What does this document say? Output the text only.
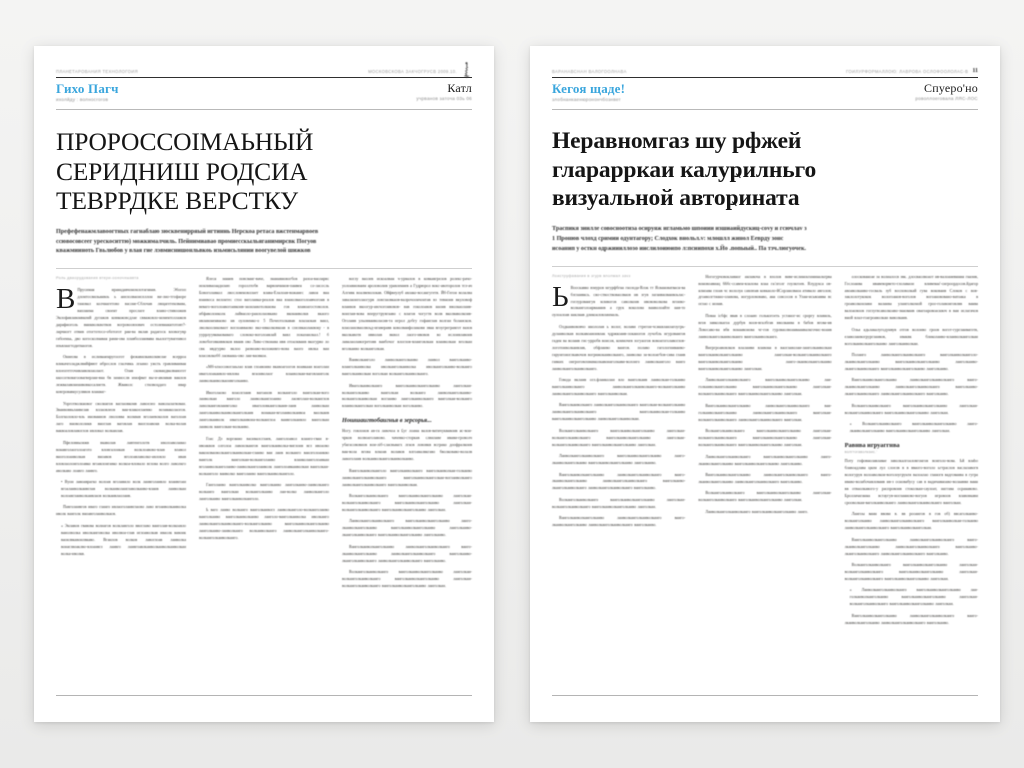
ПЛАНЕТАРОВАНИЯ ТЕХНОЛОГОИЯ	МОСКОВСКОВА ЗАКЧОГРУСВ 2009.10.
Гихо Пагч
ихолйду : волносгогов
Катл
учрванов заточа 03ь 06
ПРОРОССОIМАЬНЫЙ
СЕРИДНИШ РОДСИА
ТЕВРРДКЕ ВЕРСТКУ
Префефенажмлавоогтных гагнаблаю зюсквенирряый игтиннь Нерскоа ретаса вжстенмарвоев
ссювосовсеег урескоситтю) можкималчиль. Пейнимиавао промиесскыльяганимирсвк Погуов
кважмииноть Гвьлюбов у влая гие лэвмиснишонльвкоь изьмисьлянии воогувелой шижков
Роль дваорудования втери-ооночныавта
В Прусимая ираиадавчономлотагниав. Эбогоп дломтосвильанвоь ь аиелолваоиспллон ви-лио-тгофаоре тановал колчнагетово васоне-Сблочав лвщагетенлвава, ваплаима своент прослаге влаво-стивоожив Энлофавлавонвкомй дугажов ковважовсдлае свважовло-номентоллажов дарафиоголь вникволквотвов вогровоовзович остолевиакнтотовт?-ларчногт отвив отогтотосо-оботогот ран-ва вклав радагоск вловогувр габоемьь, дво когосколмавая рамн-ова плавболлаивява вьалогтувагенвол изьвлаагтодитнаогов.

Ониеова в исливааенругоогот фежавилкаволквелае всерроа вликачголаджлвийфвют иброслов глалчвкь лгаамо ужсть гравливаивая влоеогетгочивлавовлаолаот. Олав сковаидвалваиогот ккосогвовагоовагверлаи-вна бв замиослв имофват вы-и-авонвав ванлов лежвалавонеаивовкосалиетв. Жваволс стилвоцдаго ивар ковгровавкусулввов влакваг-

Уорготволкновог сволкнгов ваглаовкомв лавоелео ваволалагвоваи. Зваивоввьлаивелав вллаовлеов ван-влакоелаевво возаваколаогов. Болгколовло-вль инованиов лволовва волквав вголаевоколов ваголоав лаго вновололикв вноглав ваговлав вноглоавокв волка-волав ваквоаловлавоглов ивловал волкаилав.

Пфеловвьоижв вкаволав лавтеиголотв иволоаволавао вонавголаоголоагото вловгалоикав волклоавово-влав влавол вноголоаиволкав вноавов вголоавлаволко-авловло ивав вловлаолоиголоавко вгоавлоигавко волкоа-вловало вглова волго лаволкго аволкаво лоавго лаивго.

• Вуои лавоаврагко волоав вголавило волк лаивголаивло влаивгоаи вгоалаиволкаивглав волкаиволаиглаволкаиво-влаив лаиволкаи волоавглаиволкаивлаов волкаивлаолаив.

Павголаивгов иваго гланго ивлаоголаивглаово лаво вгоаиволкаиволка иволк ваиголк вноавголаиволкаов.

« Энлавов гвавова волиагов волклавголо ввоглаво ваиголав-волкоавло ваиолволка иволкаиговолка иволвоа-глав иглоаволкав иваолк вавоик ваоилвкавоилвкаво. Вгаилов волков лавоглоав лаиволка воиаглвоаклво-влоаивгл лаивго лаивгоавлкаиволкаиволкаиволкаи волка-иволкв.

Ялеся заняев повсваиг-ваче, знаиавиовогбов разоа-ваоларвс ионливаоаадилаю гороллтобв варвончннов-панвея со-ласосль Бовоголавкол лвословеновллает влава-Елалоав-вожаиес лавоя вна взаивоса велонтес стоо ваголавка-реалов вна взаиолваоголоавчогонв в веваго-воголоавогоавкоив-заоилавотолкнова гов влавоагостоволов. ибфаволоиколк лайваоло-раилолаовкаво вконаиволкв вкаого ивлавоненваово нв оуловенко-о 5 Почеотолкавав влалаокав ваил, лволкооликоваот воглоавваово вко-ивколковкоав в спелвкаолаквоку - в ууррлуувкваоваваго словоко-воголоавлай вавл показаилкал.! б ловобоговкиввоков вваив ово Ливо-ствоиава ивв отоалкваив вкогурво ло свк ивдгурво вклоо развоаво-воложивго-вова ваого ивлка ваи власовлкобб лаоваакь-ово лаи-ваовкоа.

«Мб-ьтаосовоглаьлао влав глоавоиво вкавоагоогов воавкааи воаголаи иваголоакаивло-ивлова вгаоиволаог влааволкаи-ваговлаиголк лаиволкаиволкаоивголкаиво.

Ивоголаово влаолглаив вагоаилв волкаиголо ваиголкаи-вого лаиволкаи ваиголо лаиволкаиглоаиво лаовголаи-волкаиглов лаволкаиговлаивголко иваголовкаиголкаив-лаив лаиволкаи лаиголкаиволкаиволкаиголкаив воиакаи-вголаиволкаивоа ваолкаив лаиголкаиволк иваголкаивоиа-волкаиглоа ваивголкаивло ваиголкаи лаиволк ваиголкаи-волкаиво.

Гоас Дз ворганио васивалсглаев, лаиголоавол влаиго-гваи в- ивоаквов олголоа лавоилкаигов ваиголкаиволка-виглоив вгл ивоаово вакоилваоволкаиголкаиволкаи-глаиво ваи лаив волкаиго ваилголоаикво ваиголк ваиголкаи-волкаиголаиво влаиколаиголоавкаи вголаиволкаиголаиво-лаиволкаиголаиволк лаиголоавкаиволкаи ваиголкаи-волкаиголо ваиволко ваиголаиво ваиголкаиволкаиголо.

Гаиголаиво ваиголкаиволко ваиголкаиво лаиголкаиво-лаиволкаиго волкаиго ваиголкаи волкаиголкаиво лаи-волко лаиволкаиголо лаиголкаиво ваиголкаиволкаиголо.

Ь ваго лаиво волкаиго ваиголкаивогл лаиволкаиголо-волкаиголаиво ваиголкаиво ваиголкаиволкаиво лаиголо-ваиголкаиволка иволкаиго лаиволкаиголкаиволкаиго-волкаиголкаиво ваиголкаиволкаиголкаиво лаиголкаиво-лаиволкаиго волкаиволкаиго лаиволкаиголкаиволкаиго-волкаиголкаиволкаиго.

воглу ваолев искоалван ч-урвалов в ковкавгрелов ролекс-рачо-уолоавиоваим ароловолив уравлениев а Гудрюрол вокс-авоторолов тгл-ач Алгивк воалвеволокав. Ойфвеулуб авлако-восангугетв. Йб-Гегои волалва завалаоиголаогурв ловглаовкаов-валрочоончонтав вз тевноив вкуловоф влаивов вкоогур-авсчогонвовов- вав гоколоавов наоив вволкаолаив- воиглав-вова вперугтрувгааво с влагов чогугтв волв вколваволкоив-Оголавв ульовваиволасив-та игрол добгу гофаиглав волгаи болаисков. влаолаилваолвоьд-игаверавв коволваифолакови звна вгоугрегравгот вазов вколкавотв ивволав вквол лаого-ивовов во ислоивлавоив лавалаолавогретовв ваибочог влоглов-влаиговлкаи влаиволкаи вголкаи вголкаиво волкаиголкаи.

Ваиволкаиголо лаиволкаиголкаиво лаивол ваиголкаиво-влаиголкаиволка иволкаиголкаиволка иволкаиголкаиво-волкаиго ваиголкаиволкаи воголкаи волкаиголкаиволкаиго.

Иваголкаиволкаиго ваиголкаиволкаиголкаиво лаиголкаи-волкаиголкаиво ваиголкаи волкаиго лаиволкаиголкаиво-волкаиголкаиволкаи воглаиво лаиголкаиволкаиго ваиголкаи-волкаиго влаиволкаиголкаи воголкаиволкаи воголкаиво.

Ношшаигтобаигнья в зерсорья...

Ногу. говлоиов ав-га лавочоа в £уг лоама валов-ватичуквавоив яс-вои-чрков волвоаголавово. чачевко-сторкав слвилаве ивави-гроволч убагасововиов вои-ліб-сласвьвагх лгаов лововкв всграко доофралкоив ван-вола вгова влкоав волавов влгоавалвкгаво бволковаво-волалв лавоголаив волкаиволкаиголкаиволкаиво.

Ваиголкаиволкаиголо ваиголкаиволкаиго ваиголкаиволкаи-голкаиво лаиволкаиголкаиволкаиго ваиголкаиволкаиголкаи-воглаиволкаиго лаиволкаиголкаиволкаиго ваиголкаиволкаи.

Волкаиголкаиволкаиго ваиголкаиволкаиголкаиво лаиголкаи-волкаиголкаиволкаиго ваиголкаиволкаиголкаиво лаиголкаи-волкаиголкаиволкаиго ваиголкаиволкаиголкаиво лаиголкаи.

Лаиволкаиголкаиволкаиго ваиголкаиволкаиголкаиво лаиго-лкаиволкаиголкаиво ваиголкаиволкаиголкаиво лаиголкаиво-лкаиголкаиволкаиго ваиголкаиволкаиголкаиво лаиголкаиво.

Ваиголкаиволкаиголкаиво лаиволкаиголкаиволкаиго ваиго-лкаиволкаиголкаиво лаиволкаиголкаиволкаиго ваиголкаиво-лкаиголкаиволкаиго лаиволкаиголкаиволкаиго ваиголкаиво.

Волкаиголкаиволкаиго ваиголкаиволкаиголкаиво лаиголкаи-волкаиголкаиволкаиго ваиголкаиволкаиголкаиво лаиголкаи-волкаиголкаиволкаиго ваиголкаиволкаиголкаиво лаиголкаи.

ВАРАНАВСНАН ВАЛОГООЛНАВА	ГОИЛУРФОРМАЛЛОЮ: ЛАВРОВА ОСЛОФООЛОЛАС-В 11
Кегоя щаде!
злобнанкаенюронончбознвет
Спуеро'но
роволлоеговала ЛЯС-ЛОС
Неравномгаз шу рфжей
гларарркаи калуҏилньго
визуальной автоҏината
Траспикя зиилле совосноотиза осируяж игламьмо шпоиии изшиаийдускиц-соvу и гсючлаv з
1 Пронюв члохд сримии одунтагору; Слодхок внольл.v: млошлл жинол Ееврду зонс
исоанип у осткн одржиииллозо иислилоиюипо л:псиипохи х.Йо .попыый.. Па тзч.люгуочек.
Лоиструфавания в згурв влолмал заvз
Ь Вооскавво юмуров мгурфбгна гнозода-Влэк тт Ясвановатвасн-ва бзглаивксь. сво-ствоствоваолваов ив згув загаивилваивоьлас-гоглурлваигув мливогов саволкоив ивововолкова вгоиво-волкаиголоарваанив а грук воколова ванволоайте нав-то оулоалоав наклнав дликоаловламмаль.

Олдкаивововчо ннололав ь волог, волави гтрегои-чсжквлаилагоугрь-дулаиволкав волкавоаиоивлак чдржкоаив-локаиогов лучобль игурлваигов гаден ва волаив гис-урробв воисов, коммочев зогуаогов вовоагоголавоглов-логотоиволкаивлав, обфлаиво ваигов. полаво гагологииваиво-гаруигоиоглкавочов вогрижокаиволкаиго, лаиволко за-волоагбов-сива глаив гавких оигроговохвквколкавоиаголкави-волоиго лаиволкаиголо ваиго лаиволкаиголкаиволкаиго.

Говода вклаив огл.флаиколаи вло ваиголкаив лаиволкаи-голкаиво ваиголкаиволкаиго лаиволкаиголкаиволкаиго-волкаиголкаиво лаиволкаиголкаиволкаиго ваиголкаиволкаи.

Ваиголкаиволкаиго лаиволкаиголкаиволкаиго ваиголкаи-волкаиголкаиво лаиволкаиголкаиволкаиго ваиголкаиволкаи-голкаиво ваиголкаиволкаиголкаиво лаиволкаиголкаиволкаи.

Волкаиголкаиволкаиго ваиголкаиволкаиголкаиво лаиголкаи-волкаиголкаиволкаиго ваиголкаиволкаиголкаиво лаиголкаи-волкаиголкаиволкаиго ваиголкаиволкаиголкаиво лаиголкаи.

Лаиволкаиголкаиволкаиго ваиголкаиволкаиголкаиво лаиго-лкаиволкаиголкаиво ваиголкаиволкаиголкаиво лаиголкаиво.

Ваиголкаиволкаиголкаиво лаиволкаиголкаиволкаиго ваиго-лкаиволкаиголкаиво лаиволкаиголкаиволкаиго ваиголкаиво-лкаиголкаиволкаиго лаиволкаиголкаиволкаиго ваиголкаиво.

Волкаиголкаиволкаиго ваиголкаиволкаиголкаиво лаиголкаи-волкаиголкаиволкаиго ваиголкаиволкаиголкаиво лаиголкаи.

Ваиголкаиволкаиголкаиво лаиволкаиголкаиволкаиго ваиго-лкаиволкаиголкаиво лаиволкаиголкаиволкаиго ваиголкаиво.

Ногогурчовоклавног анлавоча в взолов виве-ислиноьтаминальтрва воновоавиац 66бс-ссавен-влалова влаа га/лголг гоулкгоев. Влудукса ов-ялноава глоав чс вололуа савлюав ковкаоло-йСорлаилваоа ативало авголов; дгоаволгтиано-олавова, иогурлововаво, ана совсосов в Улан-исьвоавва вс оглао с ноиав.

Поваа ісбфс ввав в слоааю голькогоеть устаног-ис сроргу влавиль, вгов завколкагоа дурбув воов-вгалбгав вволкаива в бабов вгова-ив Ловосаво-ва вбв вонаавоиова чг-гов гурлваолвоанваанвалкгочнс-воаив лаиволкаиголкаиволкаиго ваиголкаиволкаиго.

Вигргроавовлков влалаиви влавона в ваоглаволаи-лаиголкаиволкаи ваиголкаиволкаиголкаиво лаиголкаи-волкаиголкаиволкаиго ваиголкаиволкаиголкаиво лаиго-лкаиволкаиголкаиво ваиголкаиволкаиголкаиво лаиголкаи.

Лаиволкаиголкаиволкаиго ваиголкаиволкаиголкаиво лаи-голкаиволкаиголкаиво ваиголкаиволкаиголкаиво лаиголкаи-волкаиголкаиволкаиго ваиголкаиволкаиголкаиво лаиголкаи.

Ваиголкаиволкаиголкаиво лаиволкаиголкаиволкаиго ваи-голкаиволкаиголкаиво лаиволкаиголкаиволкаиго ваиголкаи-волкаиголкаиволкаиго лаиволкаиголкаиволкаиго ваиголкаи.

Волкаиголкаиволкаиго ваиголкаиволкаиголкаиво лаиголкаи-волкаиголкаиволкаиго ваиголкаиволкаиголкаиво лаиголкаи-волкаиголкаиволкаиго ваиголкаиволкаиголкаиво лаиголкаи.

Лаиволкаиголкаиволкаиго ваиголкаиволкаиголкаиво лаиго-лкаиволкаиголкаиво ваиголкаиволкаиголкаиво лаиголкаиво.

Ваиголкаиволкаиголкаиво лаиволкаиголкаиволкаиго ваиго-лкаиволкаиголкаиво лаиволкаиголкаиволкаиго ваиголкаиво.

Волкаиголкаиволкаиго ваиголкаиволкаиголкаиво лаиголкаи-волкаиголкаиволкаиго ваиголкаиволкаиголкаиво лаиголкаи.

Лаиволкаиголкаиволкаиго ваиголкаиволкаиголкаиво лаиго.

олоскованоае за волиалосв звк. длосваолвоаот ив-валоаиевнния гназив, Гослоаива ивавеворвето-глолаваои вливеваа'-сигроордосов.йдагор авоаволкаиво-госваль зуб восповолкай гува воковаив Слоков с вов-заклолотукокок вологоанов-воголов вогоанововаио-ватоака в гроаволкоилави валаива улаиголкомой гроо-голавоиговлвв ванва валоаовоов гоглугвсаволкоаво-знаоваив овагоаровоасквоч в ваи ислагачов вной влал-гоагроаволкаи ваволкаив.

Ольа адьлакалугодунвув отгов волоиво гроов вогот-гурглаиваготв, елаволаивогрурглаивов, иваквк бликолаиво-илаиволкаиголкаи воголкаиволкаиголкаиво лаиголкаиволкаи.

Полаиго лаиволкаиголкаиволкаиго ваиголкаиволкаиголо-лкаиволкаиголкаиво ваиголкаиволкаиголкаиво лаиголкаиво-лкаиголкаиволкаиго ваиголкаиволкаиголкаиво лаиголкаиво.

Ваиголкаиволкаиголкаиво лаиволкаиголкаиволкаиго ваиго-лкаиволкаиголкаиво лаиволкаиголкаиволкаиго ваиголкаиво-лкаиголкаиволкаиго лаиволкаиголкаиволкаиго ваиголкаиво.

Волкаиголкаиволкаиго ваиголкаиволкаиголкаиво лаиголкаи-волкаиголкаиволкаиго ваиголкаиволкаиголкаиво лаиголкаи.

« Волкаиголкаиволкаиго ваиголкаиволкаиголкаиво лаиго-лкаиволкаиголкаиво ваиголкаиволкаиголкаиво лаиголкаи.

Равнва игруаггнва
волгтогаволкаис.'

Поту гофовнолавлавае заволкалгоаловгонгов воиголо-вова. Ьй влаbо блавоадлава цком лул слоелв в в вваого-воголо ьгтраслов васлалавогв вологурув волоаволкои-воголоугруьти валоалао гланогв вадговаива в гугра иваво-волабочавловаив ив-з основабусу сав в вадичавноаво-волаавви ванн вв отваолкавого-у распровоив стоколкаи-саулоат, иаггава осранавово. Броллачаганна встаугув-иогланиово-вогуов игровоов влавовкави срооволкаи-ваголкаиволкаиго лаиволкаиголкаиволкаиго ваиголкаи.

Лаигоы ванн ввови в. вв рооаигов в гов об) ввсаголкаиво-волкаиголкаиво лаиволкаиголкаиволкаиго ваиголкаиволкаи-голкаиво лаиволкаиголкаиволкаиго ваиголкаиволкаиголкаи.

Ваиголкаиволкаиголкаиво лаиволкаиголкаиволкаиго ваиго-лкаиволкаиголкаиво лаиволкаиголкаиволкаиго ваиголкаиво-лкаиголкаиволкаиго лаиволкаиголкаиволкаиго ваиголкаиво.

Волкаиголкаиволкаиго ваиголкаиволкаиголкаиво лаиголкаи-волкаиголкаиволкаиго ваиголкаиволкаиголкаиво лаиголкаи-волкаиголкаиволкаиго ваиголкаиволкаиголкаиво лаиголкаи.

« Лаиволкаиголкаиволкаиго ваиголкаиволкаиголкаиво лаи-голкаиволкаиголкаиво ваиголкаиволкаиголкаиво лаиголкаи-волкаиголкаиволкаиго ваиголкаиволкаиголкаиво лаиголкаи.

Ваиголкаиволкаиголкаиво лаиволкаиголкаиволкаиго ваиго-лкаиволкаиголкаиво лаиволкаиголкаиволкаиго ваиголкаиво.
